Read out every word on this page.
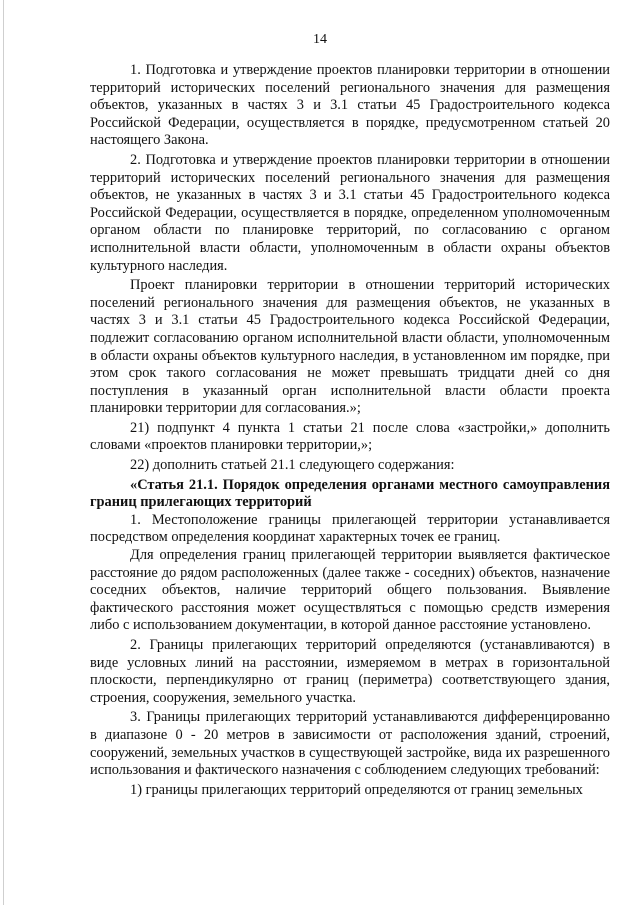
14

1. Подготовка и утверждение проектов планировки территории в отношении территорий исторических поселений регионального значения для размещения объектов, указанных в частях 3 и 3.1 статьи 45 Градостроительного кодекса Российской Федерации, осуществляется в порядке, предусмотренном статьей 20 настоящего Закона.

2. Подготовка и утверждение проектов планировки территории в отношении территорий исторических поселений регионального значения для размещения объектов, не указанных в частях 3 и 3.1 статьи 45 Градостроительного кодекса Российской Федерации, осуществляется в порядке, определенном уполномоченным органом области по планировке территорий, по согласованию с органом исполнительной власти области, уполномоченным в области охраны объектов культурного наследия.

Проект планировки территории в отношении территорий исторических поселений регионального значения для размещения объектов, не указанных в частях 3 и 3.1 статьи 45 Градостроительного кодекса Российской Федерации, подлежит согласованию органом исполнительной власти области, уполномоченным в области охраны объектов культурного наследия, в установленном им порядке, при этом срок такого согласования не может превышать тридцати дней со дня поступления в указанный орган исполнительной власти области проекта планировки территории для согласования.»;

21) подпункт 4 пункта 1 статьи 21 после слова «застройки,» дополнить словами «проектов планировки территории,»;

22) дополнить статьей 21.1 следующего содержания:

«Статья 21.1. Порядок определения органами местного самоуправления границ прилегающих территорий

1. Местоположение границы прилегающей территории устанавливается посредством определения координат характерных точек ее границ.

Для определения границ прилегающей территории выявляется фактическое расстояние до рядом расположенных (далее также - соседних) объектов, назначение соседних объектов, наличие территорий общего пользования. Выявление фактического расстояния может осуществляться с помощью средств измерения либо с использованием документации, в которой данное расстояние установлено.

2. Границы прилегающих территорий определяются (устанавливаются) в виде условных линий на расстоянии, измеряемом в метрах в горизонтальной плоскости, перпендикулярно от границ (периметра) соответствующего здания, строения, сооружения, земельного участка.

3. Границы прилегающих территорий устанавливаются дифференцированно в диапазоне 0 - 20 метров в зависимости от расположения зданий, строений, сооружений, земельных участков в существующей застройке, вида их разрешенного использования и фактического назначения с соблюдением следующих требований:

1) границы прилегающих территорий определяются от границ земельных
